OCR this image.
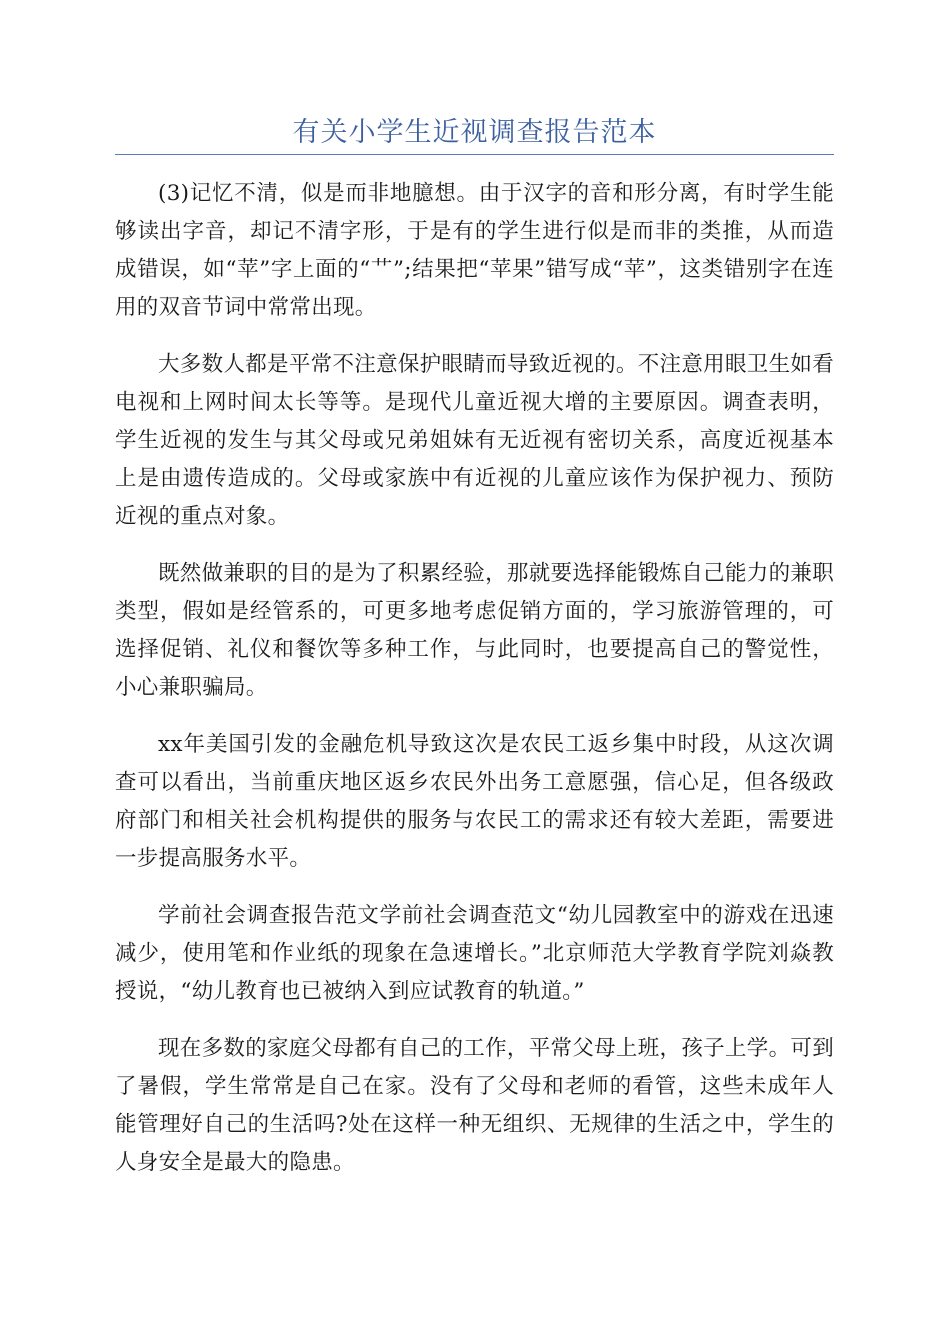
有关小学生近视调查报告范本

(3)记忆不清，似是而非地臆想。由于汉字的音和形分离，有时学生能够读出字音，却记不清字形，于是有的学生进行似是而非的类推，从而造成错误，如“苹”字上面的“艹”;结果把“苹果”错写成“苹”，这类错别字在连用的双音节词中常常出现。

大多数人都是平常不注意保护眼睛而导致近视的。不注意用眼卫生如看电视和上网时间太长等等。是现代儿童近视大增的主要原因。调查表明，学生近视的发生与其父母或兄弟姐妹有无近视有密切关系，高度近视基本上是由遗传造成的。父母或家族中有近视的儿童应该作为保护视力、预防近视的重点对象。

既然做兼职的目的是为了积累经验，那就要选择能锻炼自己能力的兼职类型，假如是经管系的，可更多地考虑促销方面的，学习旅游管理的，可选择促销、礼仪和餐饮等多种工作，与此同时，也要提高自己的警觉性，小心兼职骗局。

xx年美国引发的金融危机导致这次是农民工返乡集中时段，从这次调查可以看出，当前重庆地区返乡农民外出务工意愿强，信心足，但各级政府部门和相关社会机构提供的服务与农民工的需求还有较大差距，需要进一步提高服务水平。

学前社会调查报告范文学前社会调查范文“幼儿园教室中的游戏在迅速减少，使用笔和作业纸的现象在急速增长。”北京师范大学教育学院刘焱教授说，“幼儿教育也已被纳入到应试教育的轨道。”

现在多数的家庭父母都有自己的工作，平常父母上班，孩子上学。可到了暑假，学生常常是自己在家。没有了父母和老师的看管，这些未成年人能管理好自己的生活吗?处在这样一种无组织、无规律的生活之中，学生的人身安全是最大的隐患。
